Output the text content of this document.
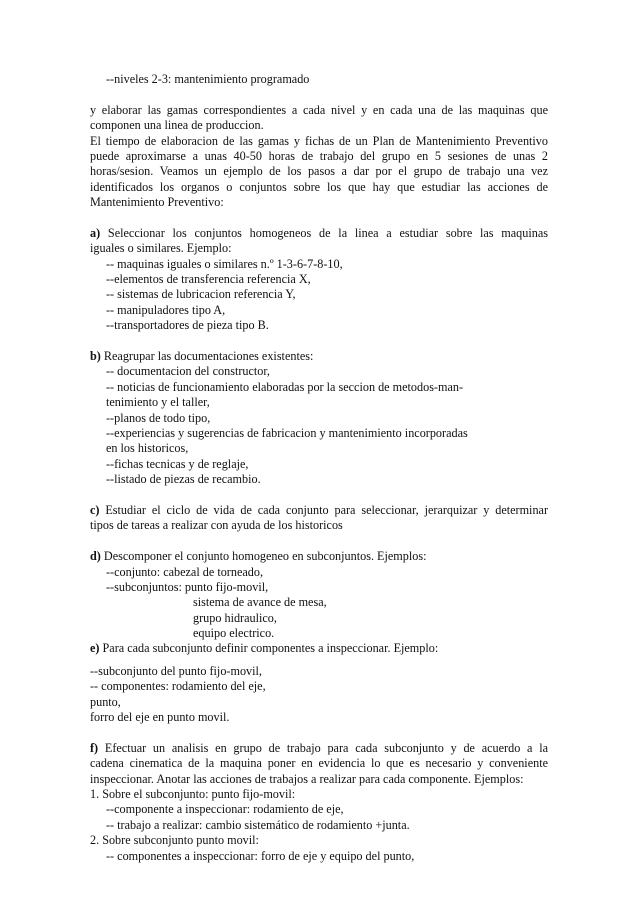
--niveles 2-3: mantenimiento programado
y elaborar las gamas correspondientes a cada nivel y en cada una de las maquinas que
componen una linea de produccion.
El tiempo de elaboracion de las gamas y fichas de un Plan de Mantenimiento Preventivo
puede aproximarse a unas 40-50 horas de trabajo del grupo en 5 sesiones de unas 2
horas/sesion. Veamos un ejemplo de los pasos a dar por el grupo de trabajo una vez
identificados los organos o conjuntos sobre los que hay que estudiar las acciones de
Mantenimiento Preventivo:
a) Seleccionar los conjuntos homogeneos de la linea a estudiar sobre las maquinas
iguales o similares. Ejemplo:
-- maquinas iguales o similares n.º 1-3-6-7-8-10,
--elementos de transferencia referencia X,
-- sistemas de lubricacion referencia Y,
-- manipuladores tipo A,
--transportadores de pieza tipo B.
b) Reagrupar las documentaciones existentes:
-- documentacion del constructor,
-- noticias de funcionamiento elaboradas por la seccion de metodos-man-
tenimiento y el taller,
--planos de todo tipo,
--experiencias y sugerencias de fabricacion y mantenimiento incorporadas
en los historicos,
--fichas tecnicas y de reglaje,
--listado de piezas de recambio.
c) Estudiar el ciclo de vida de cada conjunto para seleccionar, jerarquizar y determinar
tipos de tareas a realizar con ayuda de los historicos
d) Descomponer el conjunto homogeneo en subconjuntos. Ejemplos:
--conjunto: cabezal de torneado,
--subconjuntos: punto fijo-movil,
sistema de avance de mesa,
grupo hidraulico,
equipo electrico.
e) Para cada subconjunto definir componentes a inspeccionar. Ejemplo:
--subconjunto del punto fijo-movil,
-- componentes: rodamiento del eje,
punto,
forro del eje en punto movil.
f) Efectuar un analisis en grupo de trabajo para cada subconjunto y de acuerdo a la
cadena cinematica de la maquina poner en evidencia lo que es necesario y conveniente
inspeccionar. Anotar las acciones de trabajos a realizar para cada componente. Ejemplos:
1. Sobre el subconjunto: punto fijo-movil:
--componente a inspeccionar: rodamiento de eje,
-- trabajo a realizar: cambio sistemático de rodamiento +junta.
2. Sobre subconjunto punto movil:
-- componentes a inspeccionar: forro de eje y equipo del punto,
